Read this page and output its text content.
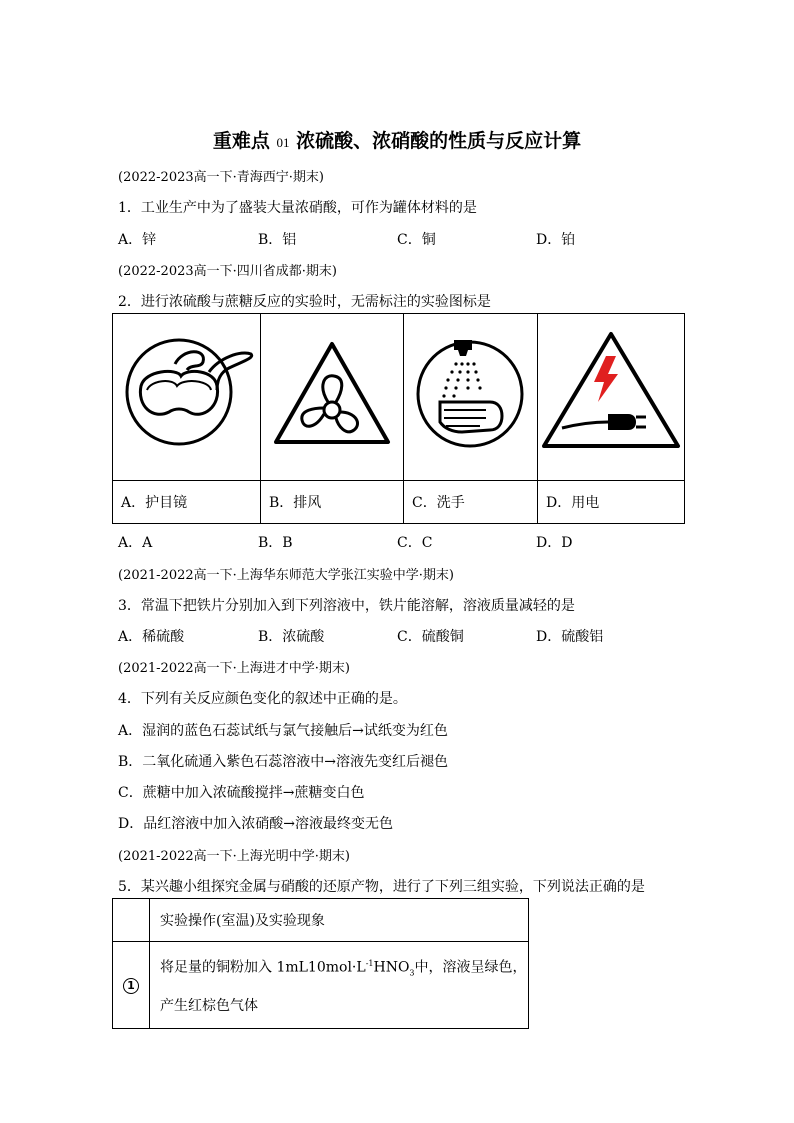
重难点 01 浓硫酸、浓硝酸的性质与反应计算
(2022-2023高一下·青海西宁·期末)
1．工业生产中为了盛装大量浓硝酸，可作为罐体材料的是
A．锌	B．铝	C．铜	D．铂
(2022-2023高一下·四川省成都·期末)
2．进行浓硫酸与蔗糖反应的实验时，无需标注的实验图标是

A．护目镜	B．排风	C．洗手	D．用电
A．A	B．B	C．C	D．D
(2021-2022高一下·上海华东师范大学张江实验中学·期末)
3．常温下把铁片分别加入到下列溶液中，铁片能溶解，溶液质量减轻的是
A．稀硫酸	B．浓硫酸	C．硫酸铜	D．硫酸铝
(2021-2022高一下·上海进才中学·期末)
4．下列有关反应颜色变化的叙述中正确的是。
A．湿润的蓝色石蕊试纸与氯气接触后→试纸变为红色
B．二氧化硫通入紫色石蕊溶液中→溶液先变红后褪色
C．蔗糖中加入浓硫酸搅拌→蔗糖变白色
D．品红溶液中加入浓硝酸→溶液最终变无色
(2021-2022高一下·上海光明中学·期末)
5．某兴趣小组探究金属与硝酸的还原产物，进行了下列三组实验，下列说法正确的是
	实验操作(室温)及实验现象
1	将足量的铜粉加入 $1mL10mol\cdot L^{-1}HNO_3$中，溶液呈绿色，
产生红棕色气体
